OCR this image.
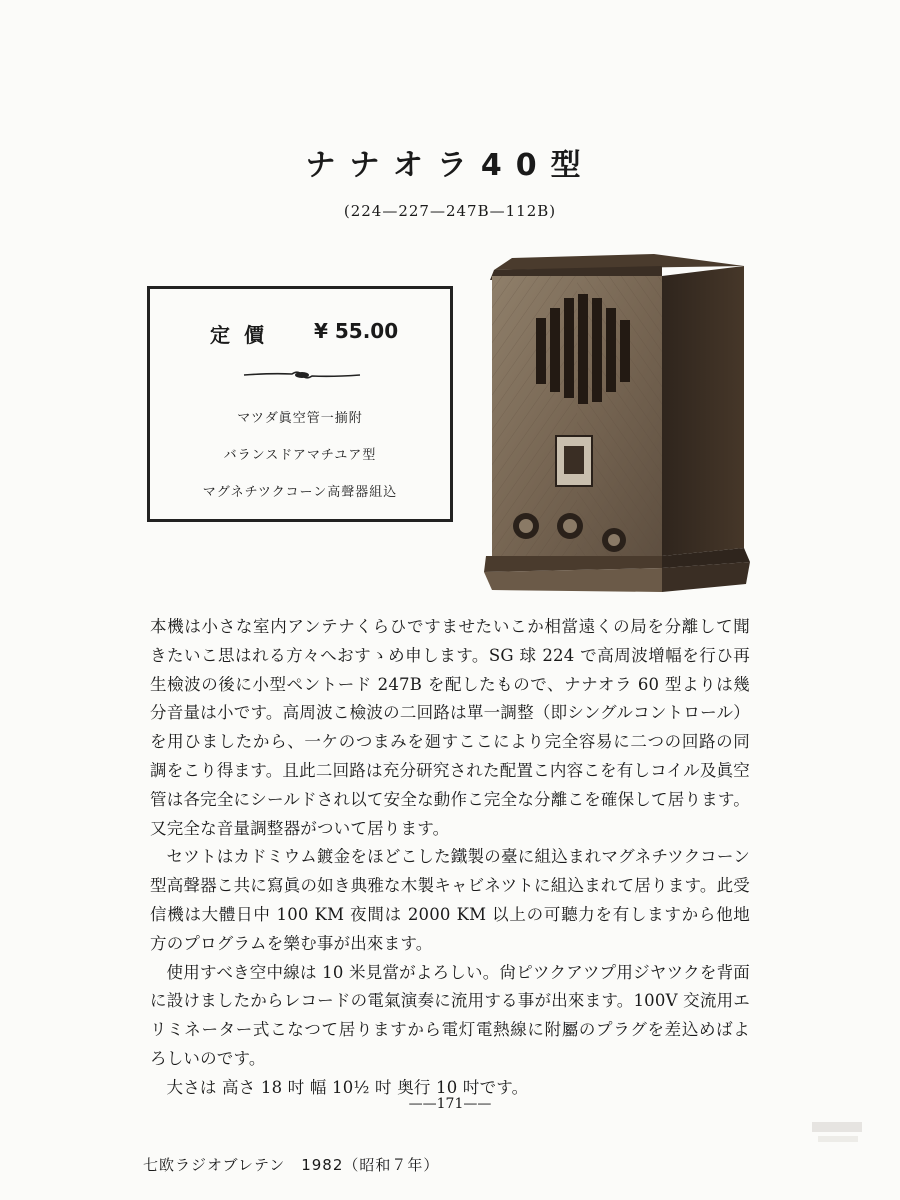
ナナオラ40型
(224—227—247B—112B)
定價 ¥ 55.00
マツダ眞空管一揃附
バランスドアマチユア型
マグネチツクコーン高聲器組込

本機は小さな室内アンテナくらひですませたいこか相當遠くの局を分離して聞きたいこ思はれる方々へおすゝめ申します。SG 球 224 で高周波增幅を行ひ再生檢波の後に小型ペントード 247B を配したもので、ナナオラ 60 型よりは幾分音量は小です。高周波こ檢波の二回路は單一調整（即シングルコントロール）を用ひましたから、一ケのつまみを廻すここにより完全容易に二つの回路の同調をこり得ます。且此二回路は充分研究された配置こ内容こを有しコイル及眞空管は各完全にシールドされ以て安全な動作こ完全な分離こを確保して居ります。又完全な音量調整器がついて居ります。

セツトはカドミウム鍍金をほどこした鐵製の臺に組込まれマグネチツクコーン型高聲器こ共に寫眞の如き典雅な木製キャビネツトに組込まれて居ります。此受信機は大體日中 100 KM 夜間は 2000 KM 以上の可聽力を有しますから他地方のプログラムを樂む事が出來ます。

使用すべき空中線は 10 米見當がよろしい。尙ピツクアツプ用ジヤツクを背面に設けましたからレコードの電氣演奏に流用する事が出來ます。100V 交流用エリミネーター式こなつて居りますから電灯電熱線に附屬のプラグを差込めばよろしいのです。

大さは 高さ 18 吋 幅 10½ 吋 奥行 10 吋です。

——171——
七欧ラジオブレテン　1982（昭和７年）
